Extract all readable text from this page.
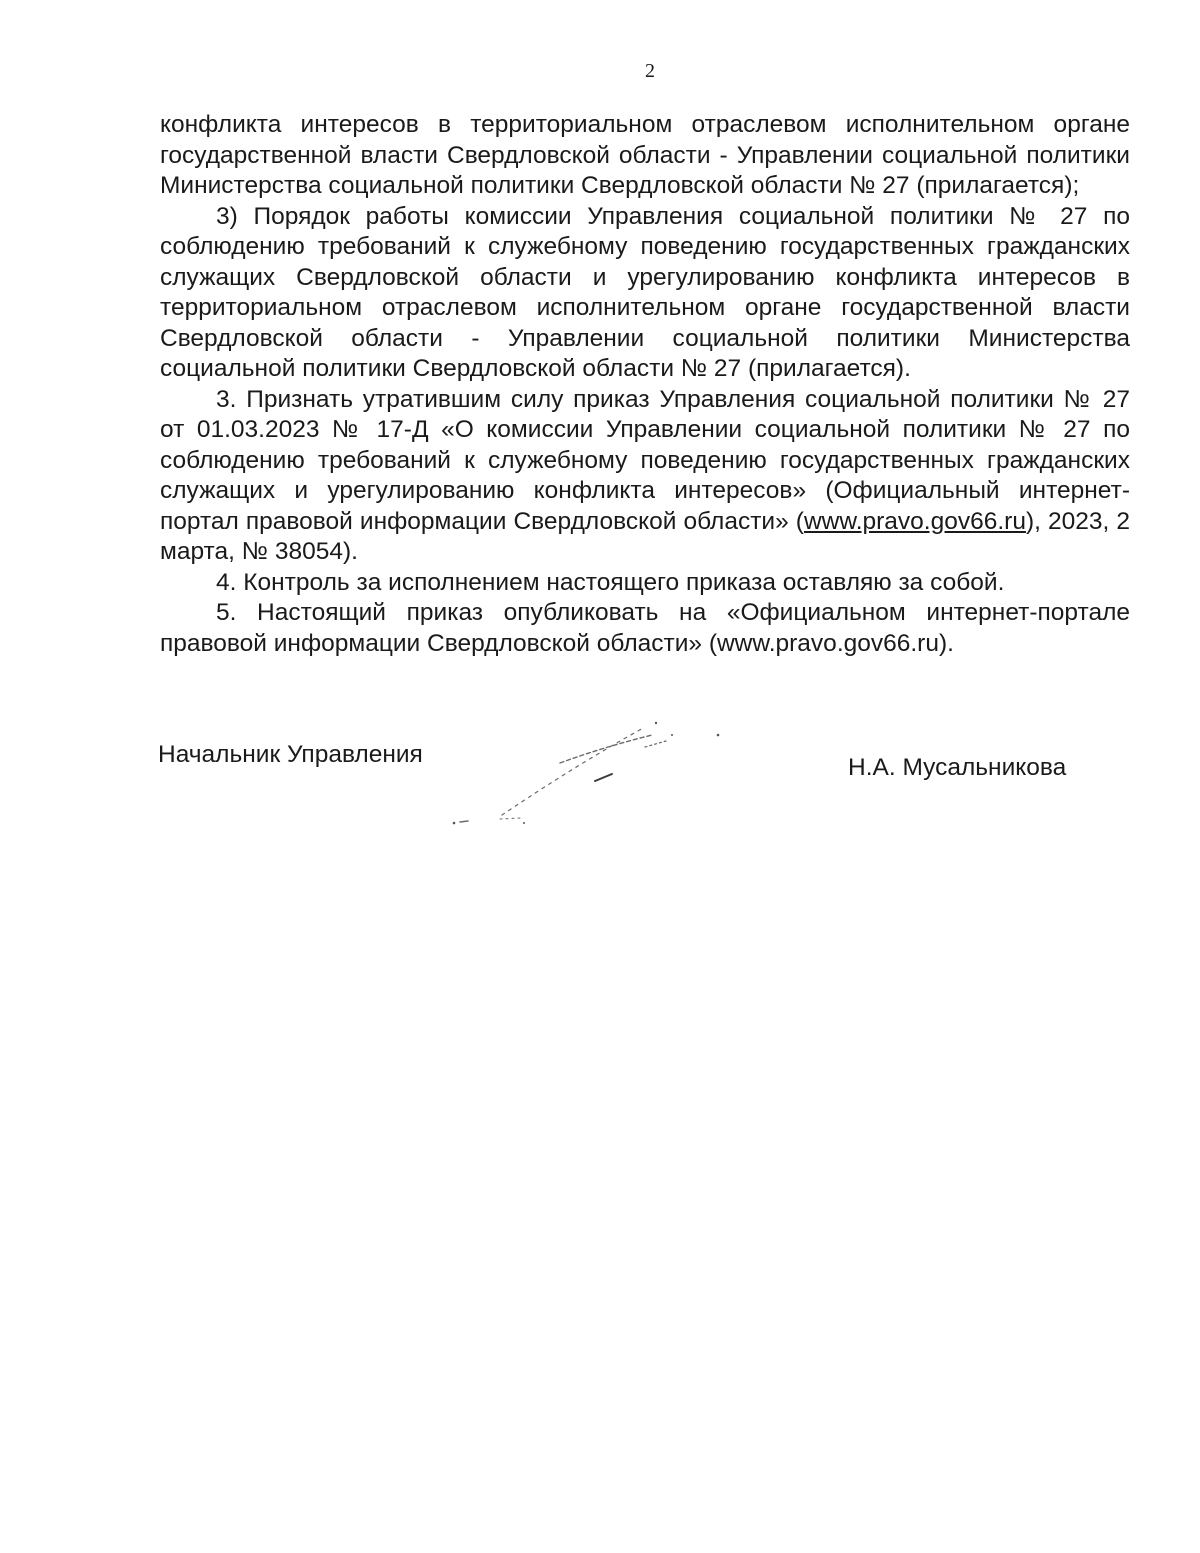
2

конфликта интересов в территориальном отраслевом исполнительном органе государственной власти Свердловской области - Управлении социальной политики Министерства социальной политики Свердловской области № 27 (прилагается);

3) Порядок работы комиссии Управления социальной политики № 27 по соблюдению требований к служебному поведению государственных гражданских служащих Свердловской области и урегулированию конфликта интересов в территориальном отраслевом исполнительном органе государственной власти Свердловской области - Управлении социальной политики Министерства социальной политики Свердловской области № 27 (прилагается).

3. Признать утратившим силу приказ Управления социальной политики № 27 от 01.03.2023 № 17-Д «О комиссии Управлении социальной политики № 27 по соблюдению требований к служебному поведению государственных гражданских служащих и урегулированию конфликта интересов» (Официальный интернет-портал правовой информации Свердловской области» (www.pravo.gov66.ru), 2023, 2 марта, № 38054).

4. Контроль за исполнением настоящего приказа оставляю за собой.

5. Настоящий приказ опубликовать на «Официальном интернет-портале правовой информации Свердловской области» (www.pravo.gov66.ru).

Начальник Управления	Н.А. Мусальникова
